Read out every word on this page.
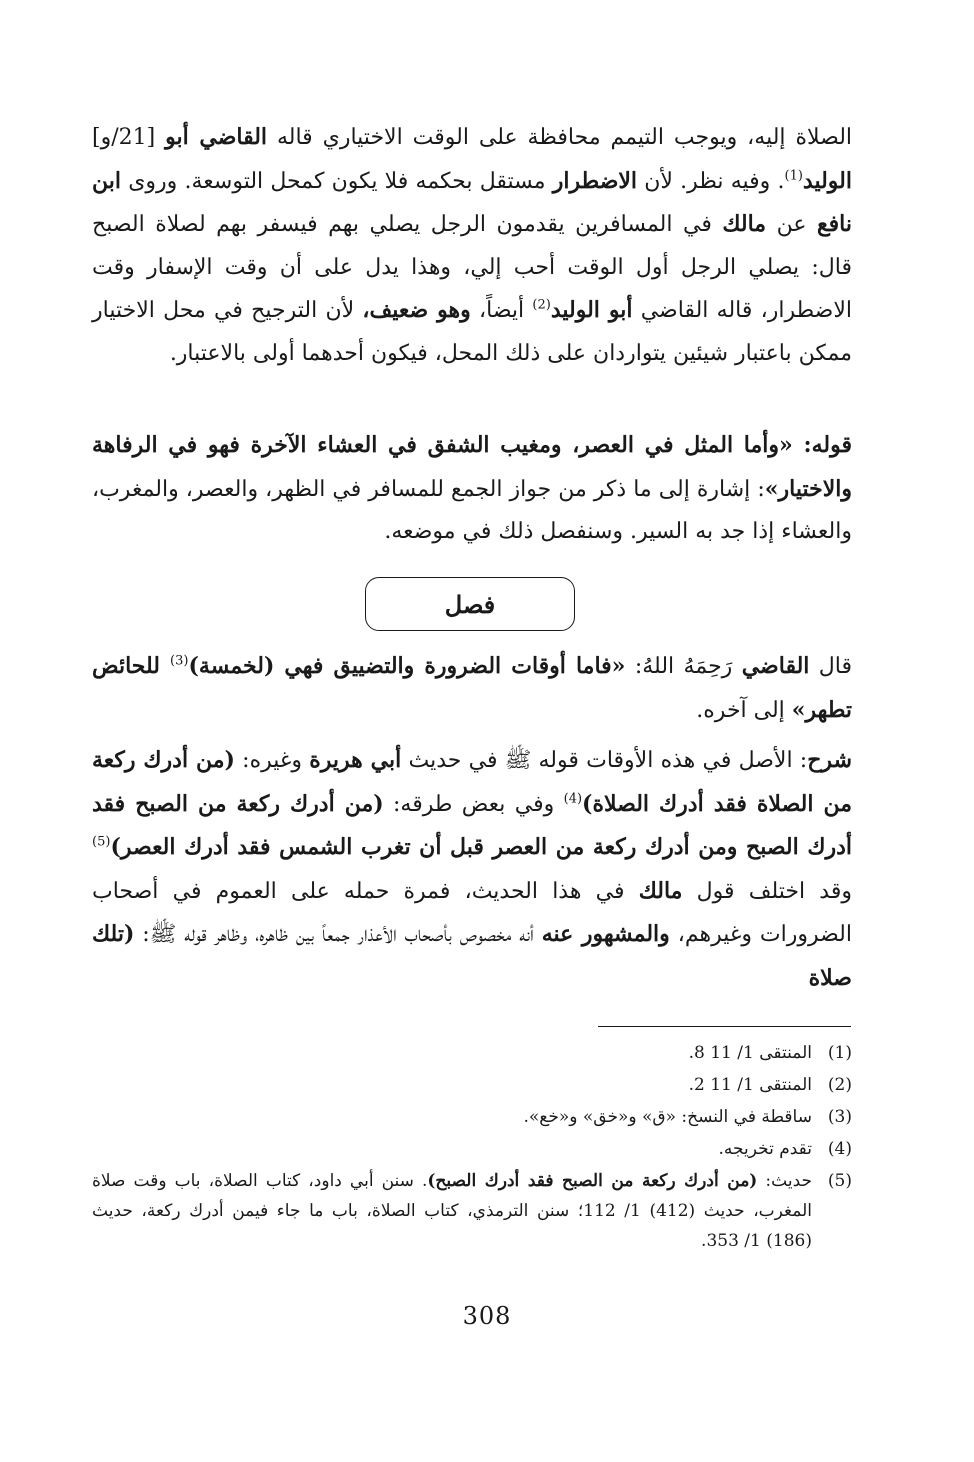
الصلاة إليه، ويوجب التيمم محافظة على الوقت الاختياري قاله القاضي أبو [21/و] الوليد$^{(1)}$. وفيه نظر. لأن الاضطرار مستقل بحكمه فلا يكون كمحل التوسعة. وروى ابن نافع عن مالك في المسافرين يقدمون الرجل يصلي بهم فيسفر بهم لصلاة الصبح قال: يصلي الرجل أول الوقت أحب إلي، وهذا يدل على أن وقت الإسفار وقت الاضطرار، قاله القاضي أبو الوليد$^{(2)}$ أيضاً، وهو ضعيف، لأن الترجيح في محل الاختيار ممكن باعتبار شيئين يتواردان على ذلك المحل، فيكون أحدهما أولى بالاعتبار.

قوله: «وأما المثل في العصر، ومغيب الشفق في العشاء الآخرة فهو في الرفاهة والاختيار»: إشارة إلى ما ذكر من جواز الجمع للمسافر في الظهر، والعصر، والمغرب، والعشاء إذا جد به السير. وسنفصل ذلك في موضعه.

فصل

قال القاضي رَحِمَهُ اللهُ: «فاما أوقات الضرورة والتضييق فهي (لخمسة)$^{(3)}$ للحائض تطهر» إلى آخره.

شرح: الأصل في هذه الأوقات قوله ﷺ في حديث أبي هريرة وغيره: (من أدرك ركعة من الصلاة فقد أدرك الصلاة)$^{(4)}$ وفي بعض طرقه: (من أدرك ركعة من الصبح فقد أدرك الصبح ومن أدرك ركعة من العصر قبل أن تغرب الشمس فقد أدرك العصر)$^{(5)}$ وقد اختلف قول مالك في هذا الحديث، فمرة حمله على العموم في أصحاب الضرورات وغيرهم، والمشهور عنه أنه مخصوص بأصحاب الأعذار جمعاً بين ظاهره، وظاهر قوله ﷺ: (تلك صلاة

(1)
المنتقى 1/ 11 8.
(2)
المنتقى 1/ 11 2.
(3)
ساقطة في النسخ: «ق» و«خق» و«خع».
(4)
تقدم تخريجه.
(5)
حديث: (من أدرك ركعة من الصبح فقد أدرك الصبح). سنن أبي داود، كتاب الصلاة، باب وقت صلاة المغرب، حديث (412) 1/ 112؛ سنن الترمذي، كتاب الصلاة، باب ما جاء فيمن أدرك ركعة، حديث (186) 1/ 353.
308
